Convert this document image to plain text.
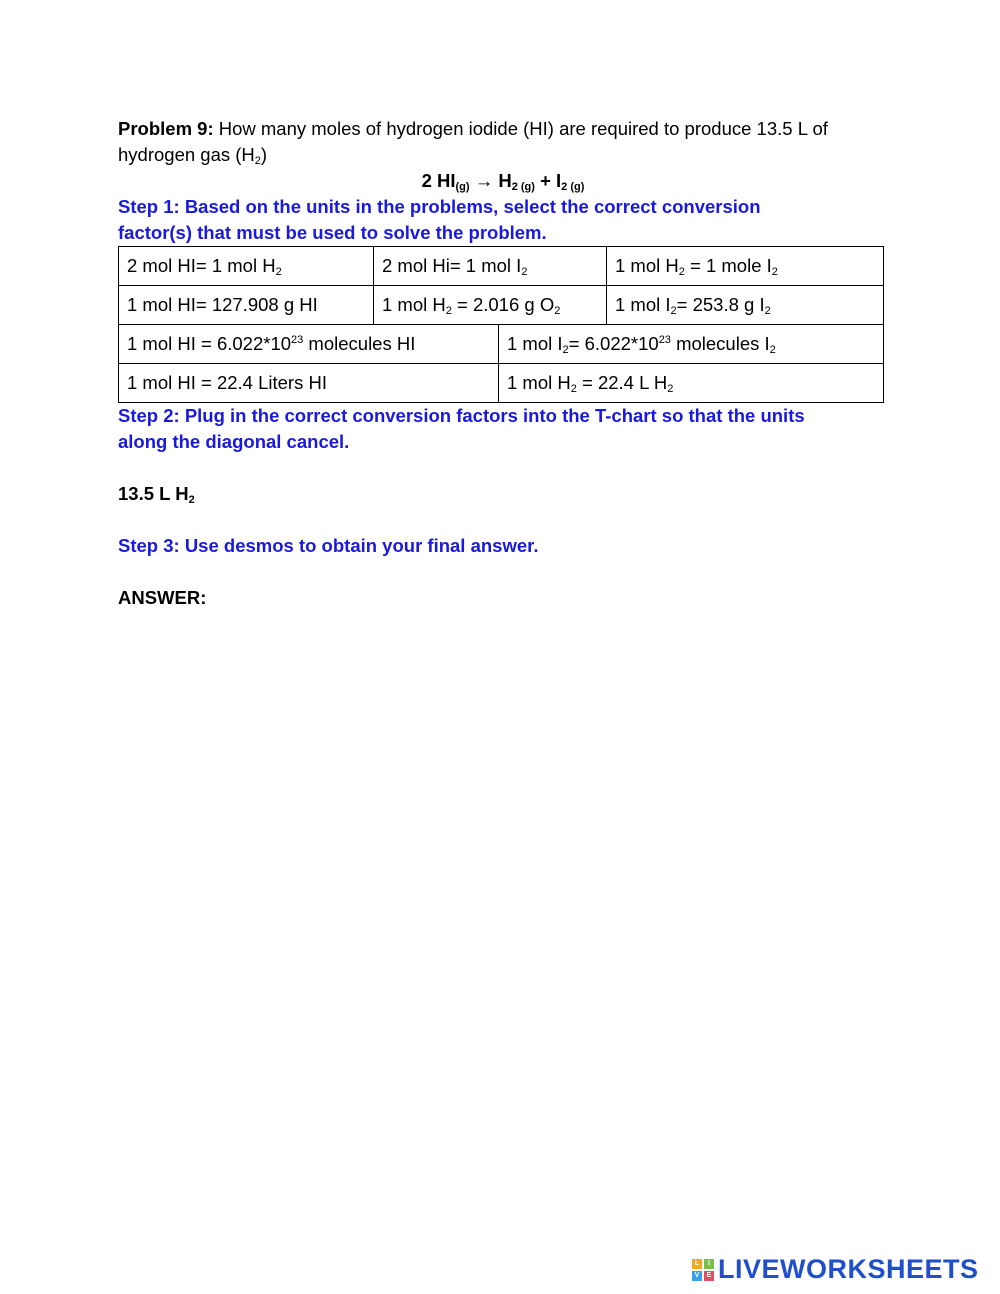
Problem 9: How many moles of hydrogen iodide (HI) are required to produce 13.5 L of
hydrogen gas $(H_2)$

2 $HI_{(g)} \to H_{2 (g)} + I_{2 (g)}$

Step 1: Based on the units in the problems, select the correct conversion
factor(s) that must be used to solve the problem.

2 mol HI= 1 mol $H_2$	2 mol Hi= 1 mol $I_2$	1 mol $H_2 = 1$ mole $I_2$
1 mol HI= 127.908 g HI	1 mol $H_2 = 2.016$ g $O_2$	1 mol $I_2= 253.8$ g $I_2$
1 mol HI = $6.022*10^{23}$ molecules HI	1 mol $I_2= 6.022*10^{23}$ molecules $I_2$
1 mol HI = 22.4 Liters HI	1 mol $H_2 = 22.4$ L $H_2$

Step 2: Plug in the correct conversion factors into the T-chart so that the units
along the diagonal cancel.

13.5 L $H_2$

Step 3: Use desmos to obtain your final answer.

ANSWER:

L	I
V	E LIVEWORKSHEETS
